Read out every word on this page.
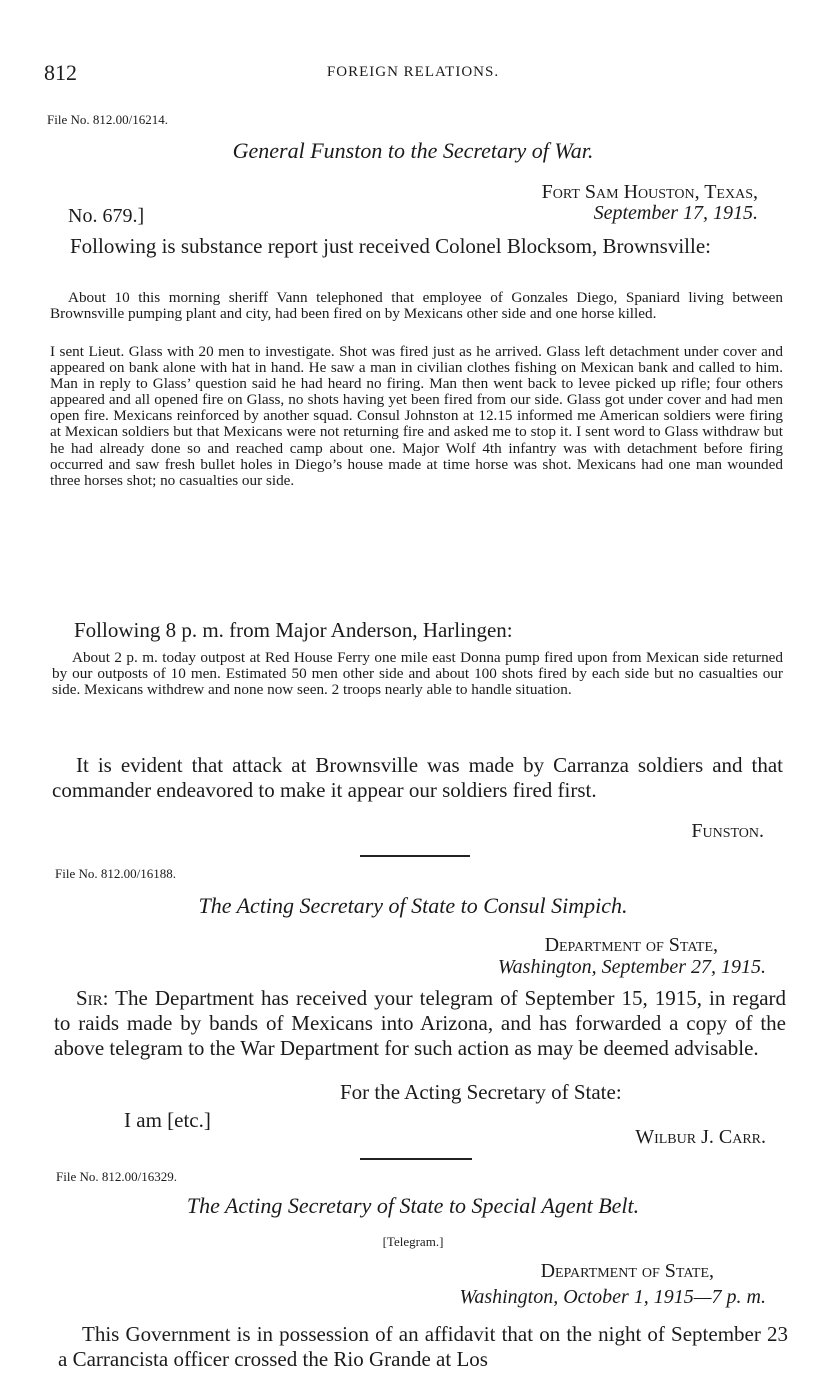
812	FOREIGN RELATIONS.
File No. 812.00/16214.
General Funston to the Secretary of War.
Fort Sam Houston, Texas,
No. 679.]	September 17, 1915.

Following is substance report just received Colonel Blocksom, Brownsville:

About 10 this morning sheriff Vann telephoned that employee of Gonzales Diego, Spaniard living between Brownsville pumping plant and city, had been fired on by Mexicans other side and one horse killed.

I sent Lieut. Glass with 20 men to investigate. Shot was fired just as he arrived. Glass left detachment under cover and appeared on bank alone with hat in hand. He saw a man in civilian clothes fishing on Mexican bank and called to him. Man in reply to Glass’ question said he had heard no firing. Man then went back to levee picked up rifle; four others appeared and all opened fire on Glass, no shots having yet been fired from our side. Glass got under cover and had men open fire. Mexicans reinforced by another squad. Consul Johnston at 12.15 informed me American soldiers were firing at Mexican soldiers but that Mexicans were not returning fire and asked me to stop it. I sent word to Glass withdraw but he had already done so and reached camp about one. Major Wolf 4th infantry was with detachment before firing occurred and saw fresh bullet holes in Diego’s house made at time horse was shot. Mexicans had one man wounded three horses shot; no casualties our side.

Following 8 p. m. from Major Anderson, Harlingen:

About 2 p. m. today outpost at Red House Ferry one mile east Donna pump fired upon from Mexican side returned by our outposts of 10 men. Estimated 50 men other side and about 100 shots fired by each side but no casualties our side. Mexicans withdrew and none now seen. 2 troops nearly able to handle situation.

It is evident that attack at Brownsville was made by Carranza soldiers and that commander endeavored to make it appear our soldiers fired first.

Funston.
File No. 812.00/16188.
The Acting Secretary of State to Consul Simpich.
Department of State,
Washington, September 27, 1915.

Sir: The Department has received your telegram of September 15, 1915, in regard to raids made by bands of Mexicans into Arizona, and has forwarded a copy of the above telegram to the War Department for such action as may be deemed advisable.

For the Acting Secretary of State:
I am [etc.]
Wilbur J. Carr.
File No. 812.00/16329.
The Acting Secretary of State to Special Agent Belt.
[Telegram.]
Department of State,
Washington, October 1, 1915—7 p. m.

This Government is in possession of an affidavit that on the night of September 23 a Carrancista officer crossed the Rio Grande at Los
